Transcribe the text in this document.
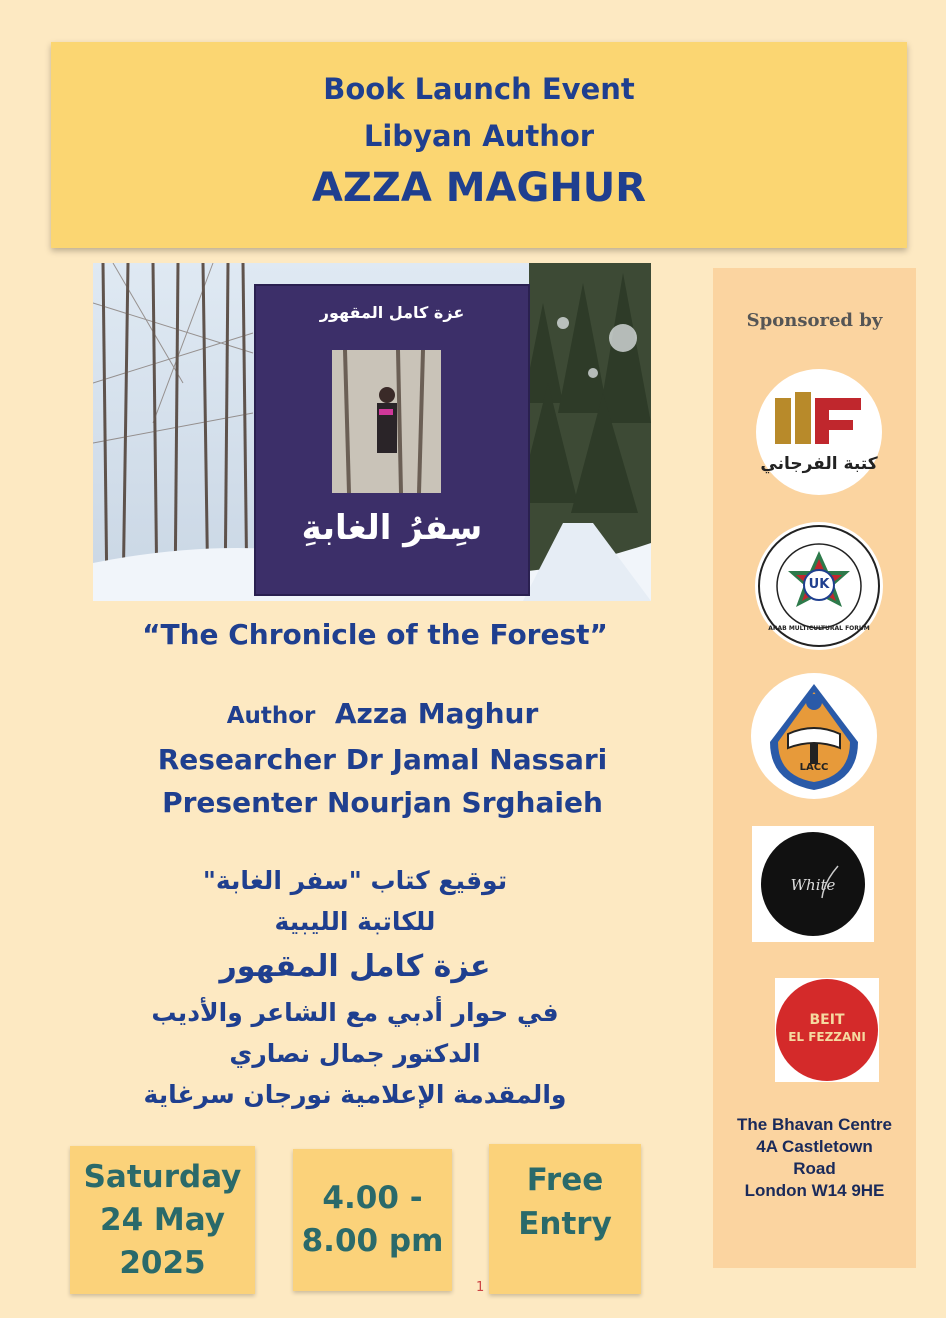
Book Launch Event
Libyan Author
AZZA MAGHUR
عزة كامل المقهور
سِفرُ الغابةِ
“The Chronicle of the Forest”
Author Azza Maghur
Researcher Dr Jamal Nassari
Presenter Nourjan Srghaieh
توقيع كتاب "سفر الغابة"
للكاتبة الليبية
عزة كامل المقهور
في حوار أدبي مع الشاعر والأديب
الدكتور جمال نصاري
والمقدمة الإعلامية نورجان سرغاية
Saturday
24 May
2025
4.00 -
8.00 pm
Free
Entry
1
Sponsored by
كتبة الفرجاني
UK
ARAB MULTICULTURAL FORUM
LACC
White
BEIT
EL FEZZANI
The Bhavan Centre
4A Castletown
Road
London W14 9HE
